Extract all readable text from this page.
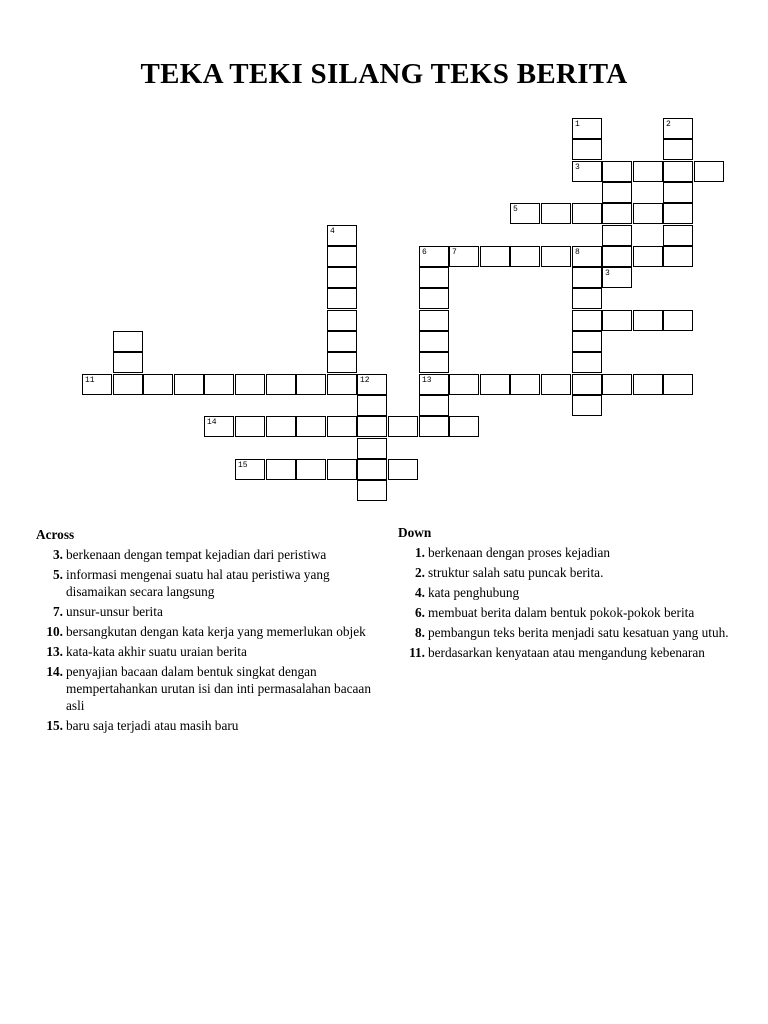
TEKA TEKI SILANG TEKS BERITA
1
3
2
3
5
4
6	7	8
11	12	13
14
15
Across
3. berkenaan dengan tempat kejadian dari peristiwa
5. informasi mengenai suatu hal atau peristiwa yang disamaikan secara langsung
7. unsur-unsur berita
10. bersangkutan dengan kata kerja yang memerlukan objek
13. kata-kata akhir suatu uraian berita
14. penyajian bacaan dalam bentuk singkat dengan mempertahankan urutan isi dan inti permasalahan bacaan asli
15. baru saja terjadi atau masih baru
Down
1. berkenaan dengan proses kejadian
2. struktur salah satu puncak berita.
4. kata penghubung
6. membuat berita dalam bentuk pokok-pokok berita
8. pembangun teks berita menjadi satu kesatuan yang utuh.
11. berdasarkan kenyataan atau mengandung kebenaran
